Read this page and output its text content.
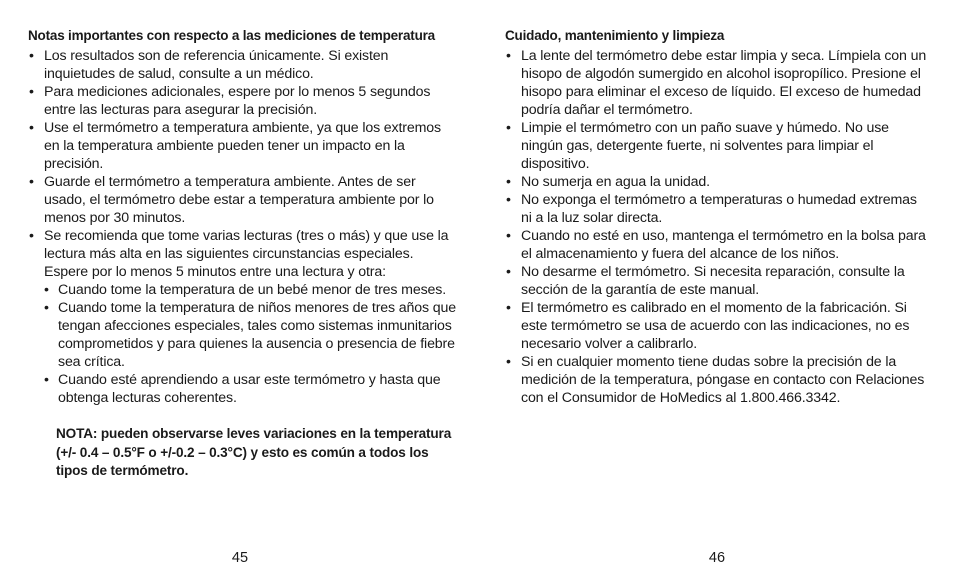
Notas importantes con respecto a las mediciones de temperatura
• Los resultados son de referencia únicamente. Si existen inquietudes de salud, consulte a un médico.
• Para mediciones adicionales, espere por lo menos 5 segundos entre las lecturas para asegurar la precisión.
• Use el termómetro a temperatura ambiente, ya que los extremos en la temperatura ambiente pueden tener un impacto en la precisión.
• Guarde el termómetro a temperatura ambiente. Antes de ser usado, el termómetro debe estar a temperatura ambiente por lo menos por 30 minutos.
• Se recomienda que tome varias lecturas (tres o más) y que use la lectura más alta en las siguientes circunstancias especiales. Espere por lo menos 5 minutos entre una lectura y otra:
• Cuando tome la temperatura de un bebé menor de tres meses.
• Cuando tome la temperatura de niños menores de tres años que tengan afecciones especiales, tales como sistemas inmunitarios comprometidos y para quienes la ausencia o presencia de fiebre sea crítica.
• Cuando esté aprendiendo a usar este termómetro y hasta que obtenga lecturas coherentes.

NOTA: pueden observarse leves variaciones en la temperatura (+/- 0.4 – 0.5°F o +/-0.2 – 0.3°C) y esto es común a todos los tipos de termómetro.

Cuidado, mantenimiento y limpieza
• La lente del termómetro debe estar limpia y seca. Límpiela con un hisopo de algodón sumergido en alcohol isopropílico. Presione el hisopo para eliminar el exceso de líquido. El exceso de humedad podría dañar el termómetro.
• Limpie el termómetro con un paño suave y húmedo. No use ningún gas, detergente fuerte, ni solventes para limpiar el dispositivo.
• No sumerja en agua la unidad.
• No exponga el termómetro a temperaturas o humedad extremas ni a la luz solar directa.
• Cuando no esté en uso, mantenga el termómetro en la bolsa para el almacenamiento y fuera del alcance de los niños.
• No desarme el termómetro. Si necesita reparación, consulte la sección de la garantía de este manual.
• El termómetro es calibrado en el momento de la fabricación. Si este termómetro se usa de acuerdo con las indicaciones, no es necesario volver a calibrarlo.
• Si en cualquier momento tiene dudas sobre la precisión de la medición de la temperatura, póngase en contacto con Relaciones con el Consumidor de HoMedics al 1.800.466.3342.
45	46
